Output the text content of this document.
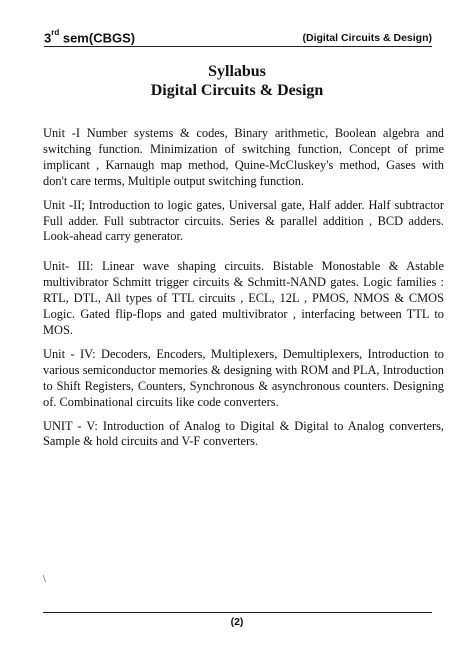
3rd sem(CBGS)	(Digital Circuits & Design)
Syllabus
Digital Circuits & Design

Unit -I Number systems & codes, Binary arithmetic, Boolean algebra and switching function. Minimization of switching function, Concept of prime implicant , Karnaugh map method, Quine-McCluskey's method, Gases with don't care terms, Multiple output switching function.

Unit -II; Introduction to logic gates, Universal gate, Half adder. Half subtractor Full adder. Full subtractor circuits. Series & parallel addition , BCD adders. Look-ahead carry generator.

Unit- III: Linear wave shaping circuits. Bistable Monostable & Astable multivibrator Schmitt trigger circuits & Schmitt-NAND gates. Logic families : RTL, DTL, All types of TTL circuits , ECL, 12L , PMOS, NMOS & CMOS Logic. Gated flip-flops and gated multivibrator , interfacing between TTL to MOS.

Unit - IV: Decoders, Encoders, Multiplexers, Demultiplexers, Introduction to various semiconductor memories & designing with ROM and PLA, Introduction to Shift Registers, Counters, Synchronous & asynchronous counters. Designing of. Combinational circuits like code converters.

UNIT - V: Introduction of Analog to Digital & Digital to Analog converters, Sample & hold circuits and V-F converters.

\
(2)
